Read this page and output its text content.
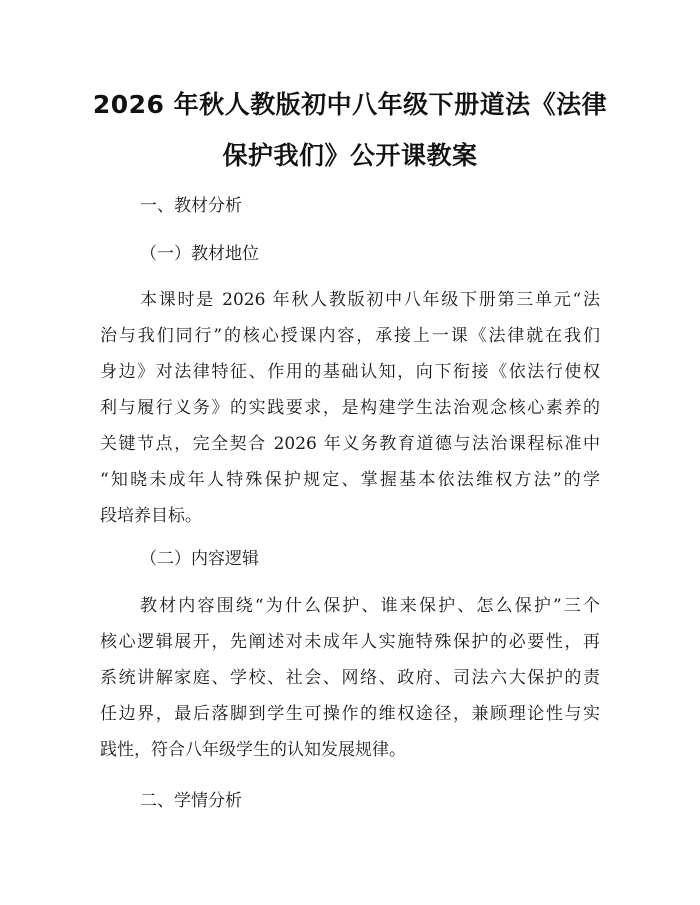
2026 年秋人教版初中八年级下册道法《法律
保护我们》公开课教案
一、教材分析
（一）教材地位
本课时是 2026 年秋人教版初中八年级下册第三单元“法
治与我们同行”的核心授课内容，承接上一课《法律就在我们
身边》对法律特征、作用的基础认知，向下衔接《依法行使权
利与履行义务》的实践要求，是构建学生法治观念核心素养的
关键节点，完全契合 2026 年义务教育道德与法治课程标准中
“知晓未成年人特殊保护规定、掌握基本依法维权方法”的学
段培养目标。
（二）内容逻辑
教材内容围绕“为什么保护、谁来保护、怎么保护”三个
核心逻辑展开，先阐述对未成年人实施特殊保护的必要性，再
系统讲解家庭、学校、社会、网络、政府、司法六大保护的责
任边界，最后落脚到学生可操作的维权途径，兼顾理论性与实
践性，符合八年级学生的认知发展规律。
二、学情分析
